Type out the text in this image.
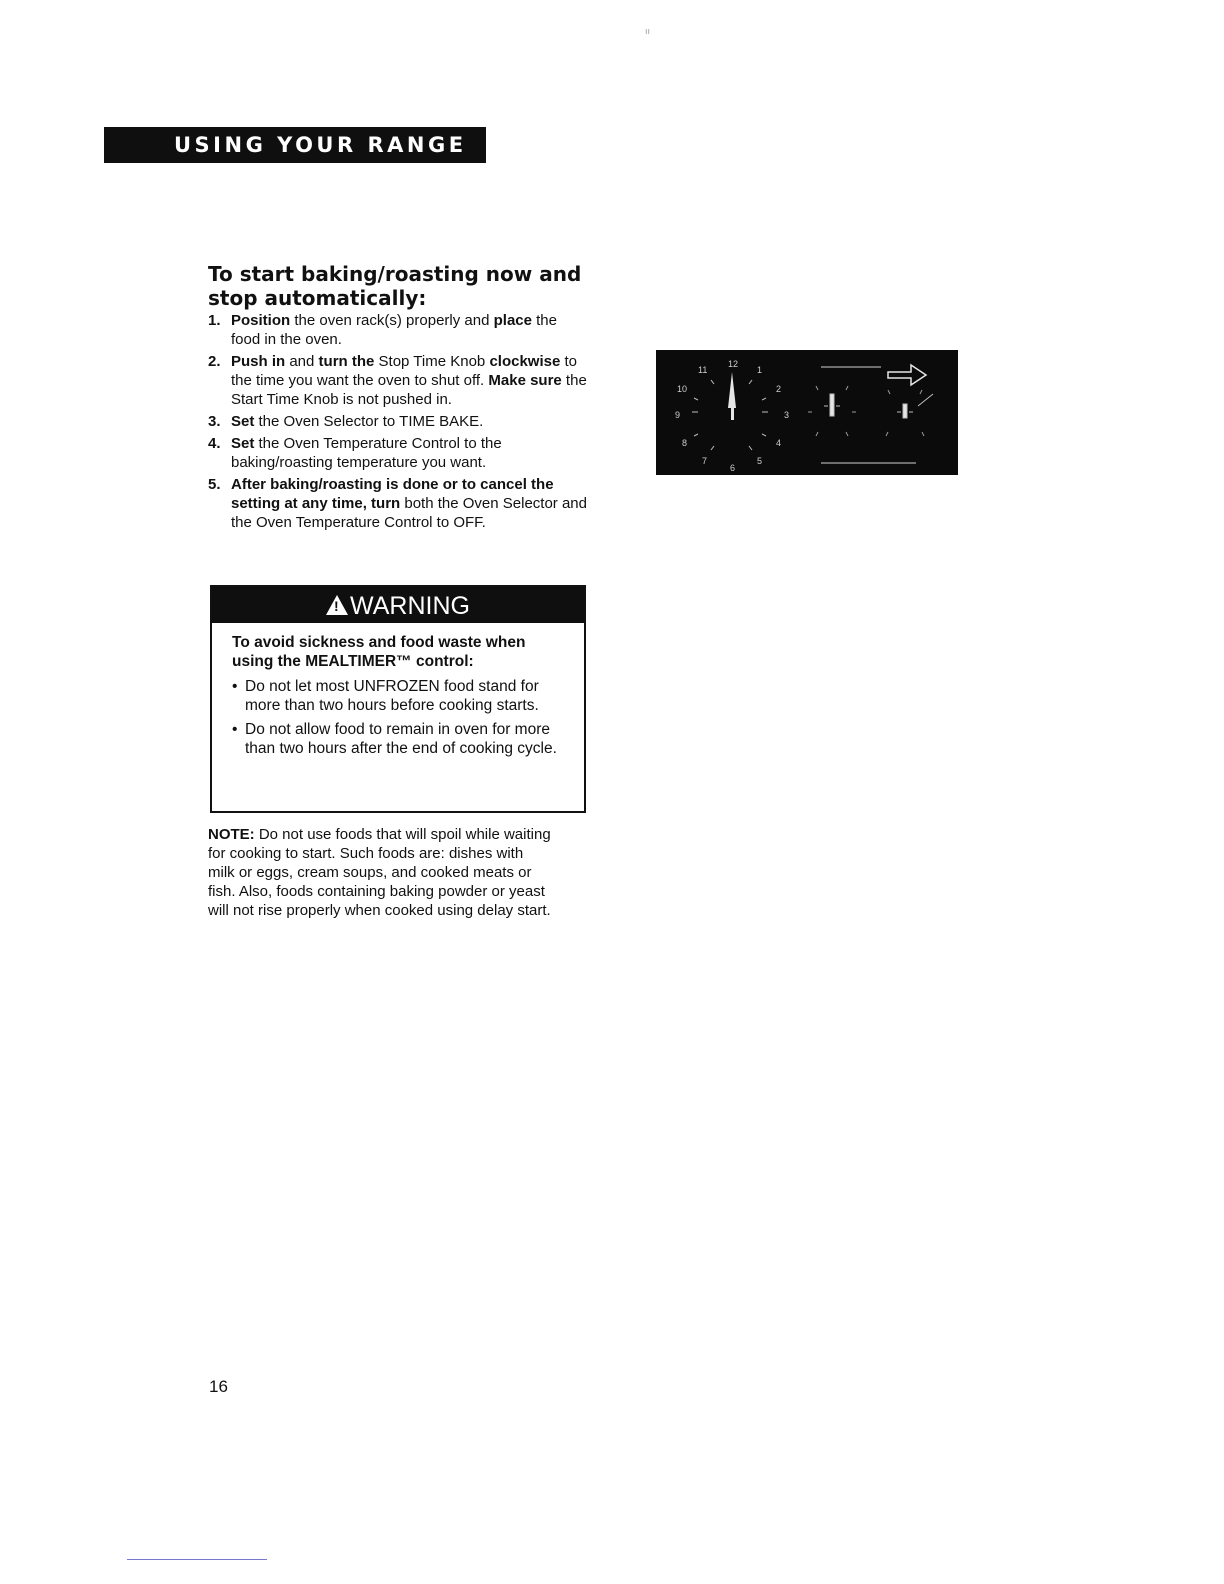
ıı
USING YOUR RANGE
To start baking/roasting now and stop automatically:
1. Position the oven rack(s) properly and place the food in the oven.
2. Push in and turn the Stop Time Knob clockwise to the time you want the oven to shut off. Make sure the Start Time Knob is not pushed in.
3. Set the Oven Selector to TIME BAKE.
4. Set the Oven Temperature Control to the baking/roasting temperature you want.
5. After baking/roasting is done or to cancel the setting at any time, turn both the Oven Selector and the Oven Temperature Control to OFF.
!WARNING

To avoid sickness and food waste when using the MEALTIMER™ control:

• Do not let most UNFROZEN food stand for more than two hours before cooking starts.
• Do not allow food to remain in oven for more than two hours after the end of cooking cycle.

NOTE: Do not use foods that will spoil while waiting for cooking to start. Such foods are: dishes with milk or eggs, cream soups, and cooked meats or fish. Also, foods containing baking powder or yeast will not rise properly when cooked using delay start.

12
1
2
3
4
5
6
7
8
9
10
11
16
